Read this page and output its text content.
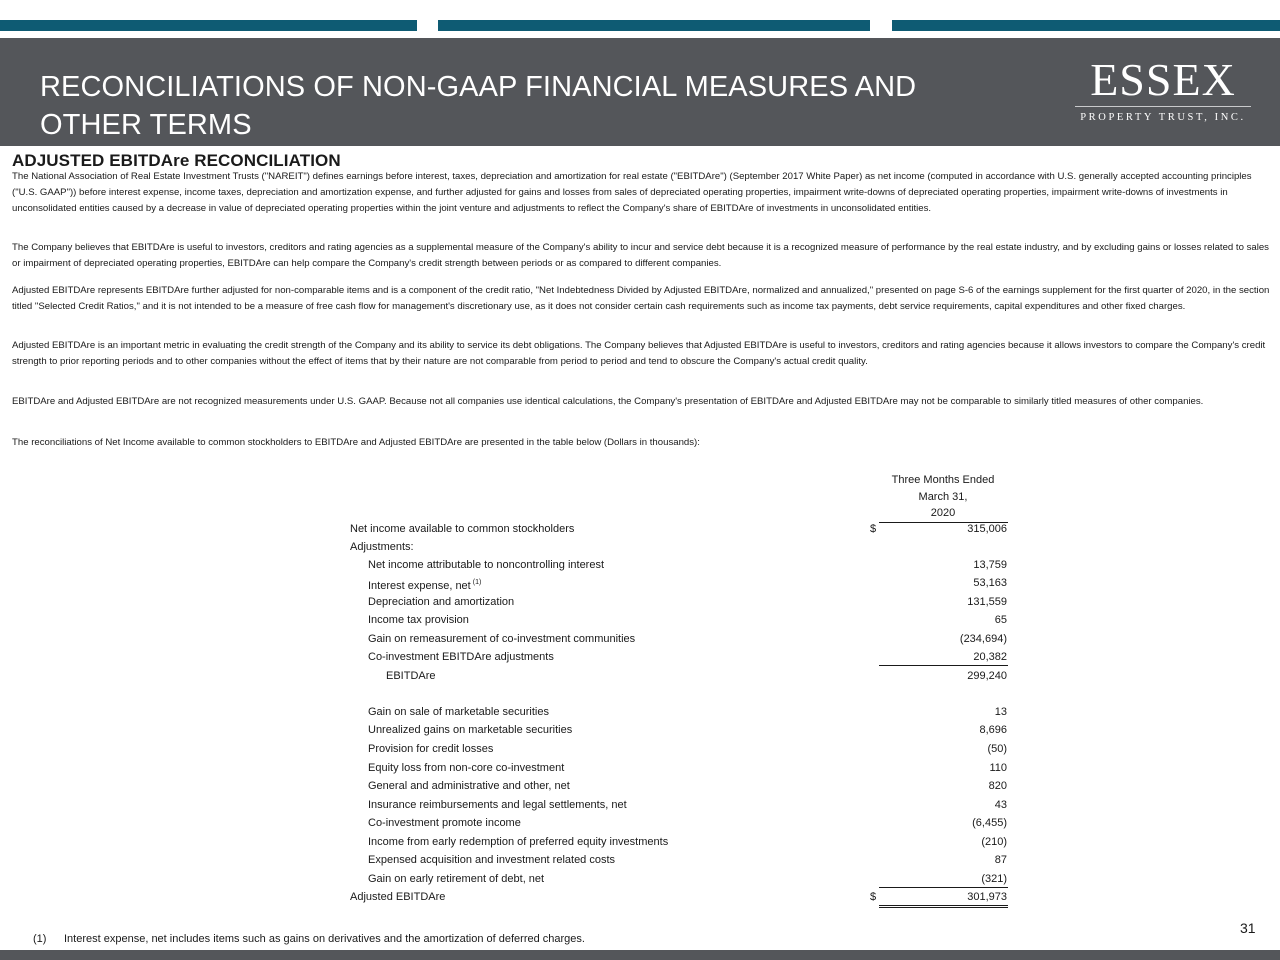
RECONCILIATIONS OF NON-GAAP FINANCIAL MEASURES AND
OTHER TERMS
ESSEX
PROPERTY TRUST, INC.
ADJUSTED EBITDAre RECONCILIATION

The National Association of Real Estate Investment Trusts ("NAREIT") defines earnings before interest, taxes, depreciation and amortization for real estate ("EBITDAre") (September 2017 White Paper) as net income (computed in accordance with U.S. generally accepted accounting principles ("U.S. GAAP")) before interest expense, income taxes, depreciation and amortization expense, and further adjusted for gains and losses from sales of depreciated operating properties, impairment write-downs of depreciated operating properties, impairment write-downs of investments in unconsolidated entities caused by a decrease in value of depreciated operating properties within the joint venture and adjustments to reflect the Company's share of EBITDAre of investments in unconsolidated entities.

The Company believes that EBITDAre is useful to investors, creditors and rating agencies as a supplemental measure of the Company's ability to incur and service debt because it is a recognized measure of performance by the real estate industry, and by excluding gains or losses related to sales or impairment of depreciated operating properties, EBITDAre can help compare the Company's credit strength between periods or as compared to different companies.

Adjusted EBITDAre represents EBITDAre further adjusted for non-comparable items and is a component of the credit ratio, "Net Indebtedness Divided by Adjusted EBITDAre, normalized and annualized," presented on page S-6 of the earnings supplement for the first quarter of 2020, in the section titled "Selected Credit Ratios," and it is not intended to be a measure of free cash flow for management's discretionary use, as it does not consider certain cash requirements such as income tax payments, debt service requirements, capital expenditures and other fixed charges.

Adjusted EBITDAre is an important metric in evaluating the credit strength of the Company and its ability to service its debt obligations. The Company believes that Adjusted EBITDAre is useful to investors, creditors and rating agencies because it allows investors to compare the Company's credit strength to prior reporting periods and to other companies without the effect of items that by their nature are not comparable from period to period and tend to obscure the Company's actual credit quality.

EBITDAre and Adjusted EBITDAre are not recognized measurements under U.S. GAAP. Because not all companies use identical calculations, the Company's presentation of EBITDAre and Adjusted EBITDAre may not be comparable to similarly titled measures of other companies.

The reconciliations of Net Income available to common stockholders to EBITDAre and Adjusted EBITDAre are presented in the table below (Dollars in thousands):

Three Months Ended
March 31,
2020
Net income available to common stockholders	$	315,006
Adjustments:
Net income attributable to noncontrolling interest	13,759
Interest expense, net $^{(1)}$	53,163
Depreciation and amortization	131,559
Income tax provision	65
Gain on remeasurement of co-investment communities	(234,694)
Co-investment EBITDAre adjustments	20,382
EBITDAre	299,240
Gain on sale of marketable securities	13
Unrealized gains on marketable securities	8,696
Provision for credit losses	(50)
Equity loss from non-core co-investment	110
General and administrative and other, net	820
Insurance reimbursements and legal settlements, net	43
Co-investment promote income	(6,455)
Income from early redemption of preferred equity investments	(210)
Expensed acquisition and investment related costs	87
Gain on early retirement of debt, net	(321)
Adjusted EBITDAre	$	301,973
31
(1) Interest expense, net includes items such as gains on derivatives and the amortization of deferred charges.
